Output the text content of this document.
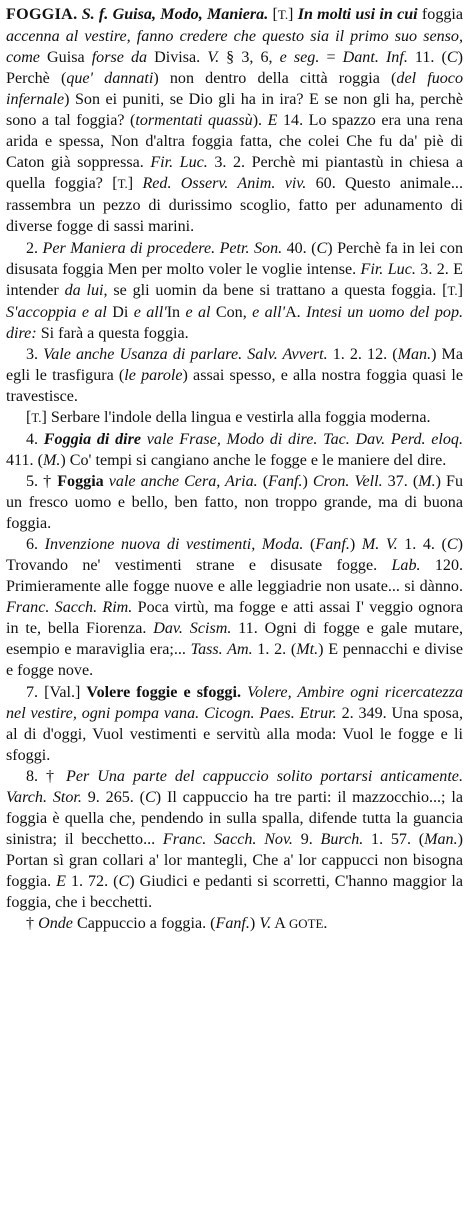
FOGGIA. S. f. Guisa, Modo, Maniera. [T.] In molti usi in cui foggia accenna al vestire, fanno credere che questo sia il primo suo senso, come Guisa forse da Divisa. V. § 3, 6, e seg. = Dant. Inf. 11. (C) Perchè (que' dannati) non dentro della città roggia (del fuoco infernale) Son ei puniti, se Dio gli ha in ira? E se non gli ha, perchè sono a tal foggia? (tormentati quassù). E 14. Lo spazzo era una rena arida e spessa, Non d'altra foggia fatta, che colei Che fu da' piè di Caton già soppressa. Fir. Luc. 3. 2. Perchè mi piantastù in chiesa a quella foggia? [T.] Red. Osserv. Anim. viv. 60. Questo animale... rassembra un pezzo di durissimo scoglio, fatto per adunamento di diverse fogge di sassi marini.

2. Per Maniera di procedere. Petr. Son. 40. (C) Perchè fa in lei con disusata foggia Men per molto voler le voglie intense. Fir. Luc. 3. 2. E intender da lui, se gli uomin da bene si trattano a questa foggia. [T.] S'accoppia e al Di e all'In e al Con, e all'A. Intesi un uomo del pop. dire: Si farà a questa foggia.

3. Vale anche Usanza di parlare. Salv. Avvert. 1. 2. 12. (Man.) Ma egli le trasfigura (le parole) assai spesso, e alla nostra foggia quasi le travestisce.

[T.] Serbare l'indole della lingua e vestirla alla foggia moderna.

4. Foggia di dire vale Frase, Modo di dire. Tac. Dav. Perd. eloq. 411. (M.) Co' tempi si cangiano anche le fogge e le maniere del dire.

5. † Foggia vale anche Cera, Aria. (Fanf.) Cron. Vell. 37. (M.) Fu un fresco uomo e bello, ben fatto, non troppo grande, ma di buona foggia.

6. Invenzione nuova di vestimenti, Moda. (Fanf.) M. V. 1. 4. (C) Trovando ne' vestimenti strane e disusate fogge. Lab. 120. Primieramente alle fogge nuove e alle leggiadrie non usate... si dànno. Franc. Sacch. Rim. Poca virtù, ma fogge e atti assai I' veggio ognora in te, bella Fiorenza. Dav. Scism. 11. Ogni di fogge e gale mutare, esempio e maraviglia era;... Tass. Am. 1. 2. (Mt.) E pennacchi e divise e fogge nove.

7. [Val.] Volere foggie e sfoggi. Volere, Ambire ogni ricercatezza nel vestire, ogni pompa vana. Cicogn. Paes. Etrur. 2. 349. Una sposa, al di d'oggi, Vuol vestimenti e servitù alla moda: Vuol le fogge e li sfoggi.

8. † Per Una parte del cappuccio solito portarsi anticamente. Varch. Stor. 9. 265. (C) Il cappuccio ha tre parti: il mazzocchio...; la foggia è quella che, pendendo in sulla spalla, difende tutta la guancia sinistra; il becchetto... Franc. Sacch. Nov. 9. Burch. 1. 57. (Man.) Portan sì gran collari a' lor mantegli, Che a' lor cappucci non bisogna foggia. E 1. 72. (C) Giudici e pedanti si scorretti, C'hanno maggior la foggia, che i becchetti.

† Onde Cappuccio a foggia. (Fanf.) V. A GOTE.
